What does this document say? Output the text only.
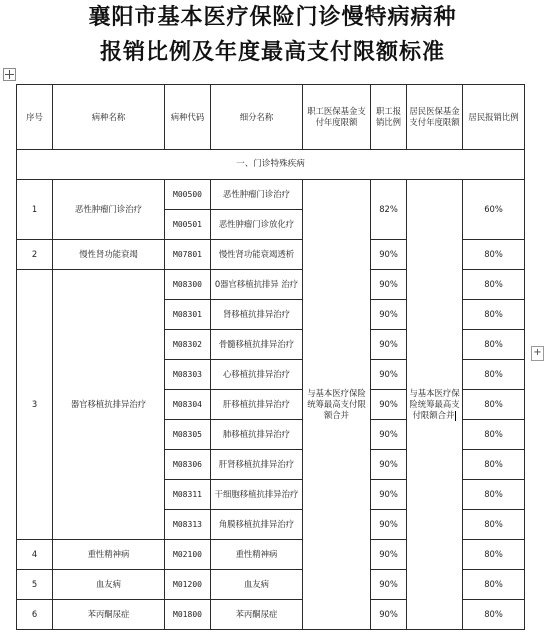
襄阳市基本医疗保险门诊慢特病病种
报销比例及年度最高支付限额标准
+
序号	病种名称	病种代码	细分名称	职工医保基金支付年度限额	职工报销比例	居民医保基金支付年度限额	居民报销比例
一、门诊特殊疾病							
1	恶性肿瘤门诊治疗	M00500	恶性肿瘤门诊治疗	与基本医疗保险统筹最高支付限额合并	82%	与基本医疗保险统筹最高支付限额合并	60%
		M00501	恶性肿瘤门诊放化疗				
2	慢性肾功能衰竭	M07801	慢性肾功能衰竭透析		90%		80%
3	器官移植抗排异治疗	M08300	0器官移植抗排异 治疗		90%		80%
		M08301	肾移植抗排异治疗		90%		80%
		M08302	骨髓移植抗排异治疗		90%		80%
		M08303	心移植抗排异治疗		90%		80%
		M08304	肝移植抗排异治疗		90%		80%
		M08305	肺移植抗排异治疗		90%		80%
		M08306	肝肾移植抗排异治疗		90%		80%
		M08311	干细胞移植抗排异治疗		90%		80%
		M08313	角膜移植抗排异治疗		90%		80%
4	重性精神病	M02100	重性精神病		90%		80%
5	血友病	M01200	血友病		90%		80%
6	苯丙酮尿症	M01800	苯丙酮尿症		90%		80%
